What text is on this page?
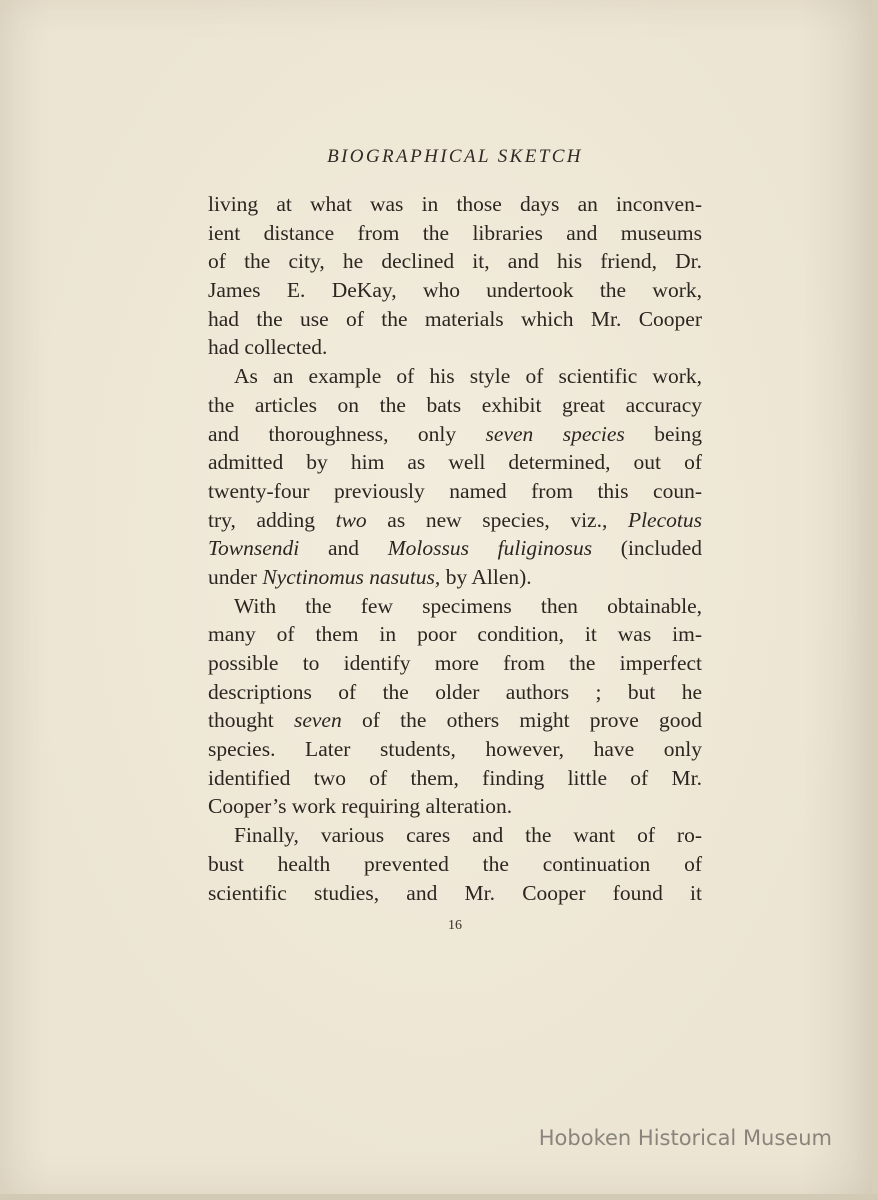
BIOGRAPHICAL SKETCH
living at what was in those days an inconven-
ient distance from the libraries and museums
of the city, he declined it, and his friend, Dr.
James E. DeKay, who undertook the work,
had the use of the materials which Mr. Cooper
had collected.
As an example of his style of scientific work,
the articles on the bats exhibit great accuracy
and thoroughness, only seven species being
admitted by him as well determined, out of
twenty-four previously named from this coun-
try, adding two as new species, viz., Plecotus
Townsendi and Molossus fuliginosus (included
under Nyctinomus nasutus, by Allen).
With the few specimens then obtainable,
many of them in poor condition, it was im-
possible to identify more from the imperfect
descriptions of the older authors ; but he
thought seven of the others might prove good
species. Later students, however, have only
identified two of them, finding little of Mr.
Cooper’s work requiring alteration.
Finally, various cares and the want of ro-
bust health prevented the continuation of
scientific studies, and Mr. Cooper found it
16
Hoboken Historical Museum
